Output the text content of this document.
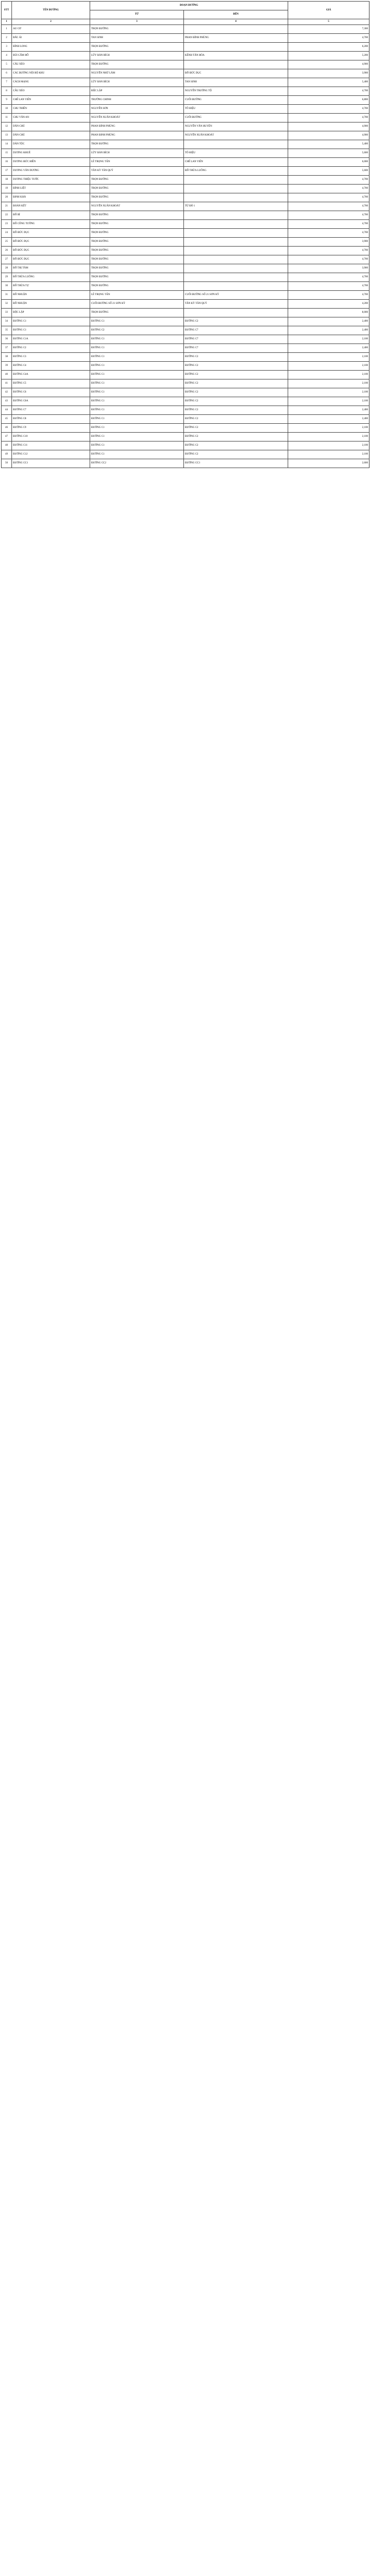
STT	TÊN ĐƯỜNG	ĐOẠN ĐƯỜNG		GIÁ
		TỪ	ĐẾN	
1	2	3	4	5
1	AU CƠ	TRỌN ĐƯỜNG		7,300
2	BẮC ÁI	TAN SINH	PHAN ĐÌNH PHÙNG	4,700
3	BÌNH LONG	TRỌN ĐƯỜNG		6,200
4	BÙI CẨM HỔ	LỮY BẢN BÍCH	KÊNH TÂN HÓA	5,200
5	CÂU XÉO	TRỌN ĐƯỜNG		4,900
6	CÁC ĐƯỜNG NỘI BỘ KHU	NGUYỄN NHỮ LÃM	ĐỖ ĐỨC DỤC	3,900
7	CÁCH MẠNG	LỮY BẢN BÍCH	TAN SINH	5,400
8	CẦU XÉO	ĐỘC LẬP	NGUYỄN TRƯỜNG TỘ	4,700
9	CHẾ LAN VIÊN	TRƯỜNG CHINH	CUỐI ĐƯỜNG	6,800
10	CHU THIÊN	NGUYỄN SƠN	TÔ HIỆU	4,700
11	CHU VĂN AN	NGUYỄN XUÂN KHOÁT	CUỐI ĐƯỜNG	4,700
12	DÂN CHỦ	PHAN ĐÌNH PHÙNG	NGUYỄN VĂN HUYÊN	4,900
13	DÂN CHỦ	PHAN ĐINH PHÙNG	NGUYỄN XUÂN KHOÁT	4,900
14	DÂN TỘC	TRỌN ĐƯỜNG		5,400
15	DƯƠNG KHUÊ	LỮY BẢN BÍCH	TÔ HIỆU	5,600
16	DƯƠNG ĐỨC HIỀN	LÊ TRỌNG TẤN	CHẾ LAN VIÊN	6,000
17	DƯƠNG VĂN DƯƠNG	TÂN KỲ TÂN QUÝ	ĐỖ THỪA LUÔNG	5,600
18	DƯƠNG THIỆU TƯỚC	TRỌN ĐƯỜNG		4,700
19	ĐÌNH LIỆT	TRỌN ĐƯỜNG		4,700
20	ĐINH KHÁ	TRỌN ĐƯỜNG		4,700
21	ĐOÀN KẾT	NGUYỄN XUÂN KHOÁT	TỪ ĐÒ 1	4,700
22	ĐỖ BÍ	TRỌN ĐƯỜNG		4,700
23	ĐỖ CÔNG TƯỜNG	TRỌN ĐƯỜNG		4,700
24	ĐỖ ĐỨC DỤC	TRỌN ĐƯỜNG		4,700
25	ĐỖ ĐỨC DỤC	TRỌN ĐƯỜNG		3,900
26	ĐỖ ĐỨC DỤC	TRỌN ĐƯỜNG		4,700
27	ĐỖ ĐỨC DỤC	TRỌN ĐƯỜNG		4,700
28	ĐỖ THỊ TÂM	TRỌN ĐƯỜNG		3,900
29	ĐỖ THỪA LUÔNG	TRỌN ĐƯỜNG		4,700
30	ĐỖ THỪA TỰ	TRỌN ĐƯỜNG		4,700
31	ĐỖ NHUẬN	LÊ TRỌNG TẤN	CUỐI ĐƯỜNG SỐ 21 SƠN KỲ	4,700
32	ĐỖ NHUẬN	CUỐI ĐƯỜNG SỐ 21 SƠN KỲ	TÂN KỲ TÂN QUÝ	4,200
33	ĐỘC LẬP	TRỌN ĐƯỜNG		8,000
34	ĐƯỜNG C1	ĐƯỜNG C1	ĐƯỜNG C2	2,400
35	ĐƯỜNG C1	ĐƯỜNG C2	ĐƯỜNG C7	2,400
36	ĐƯỜNG C1A	ĐƯỜNG C1	ĐƯỜNG C7	2,100
37	ĐƯỜNG C2	ĐƯỜNG C1	ĐƯỜNG C7	2,400
38	ĐƯỜNG C3	ĐƯỜNG C1	ĐƯỜNG C2	2,100
39	ĐƯỜNG C4	ĐƯỜNG C1	ĐƯỜNG C2	2,100
40	ĐƯỜNG C4A	ĐƯỜNG C1	ĐƯỜNG C2	2,100
41	ĐƯỜNG C5	ĐƯỜNG C1	ĐƯỜNG C2	2,100
42	ĐƯỜNG C6	ĐƯỜNG C1	ĐƯỜNG C2	2,100
43	ĐƯỜNG C6A	ĐƯỜNG C1	ĐƯỜNG C2	2,100
44	ĐƯỜNG C7	ĐƯỜNG C1	ĐƯỜNG C2	2,400
45	ĐƯỜNG C8	ĐƯỜNG C1	ĐƯỜNG C2	2,400
46	ĐƯỜNG C9	ĐƯỜNG C1	ĐƯỜNG C2	2,100
47	ĐƯỜNG C10	ĐƯỜNG C1	ĐƯỜNG C2	2,100
48	ĐƯỜNG C11	ĐƯỜNG C1	ĐƯỜNG C2	2,100
49	ĐƯỜNG C12	ĐƯỜNG C1	ĐƯỜNG C2	2,100
50	ĐƯỜNG CC1	ĐƯỜNG CC2	ĐƯỜNG CC3	2,600
